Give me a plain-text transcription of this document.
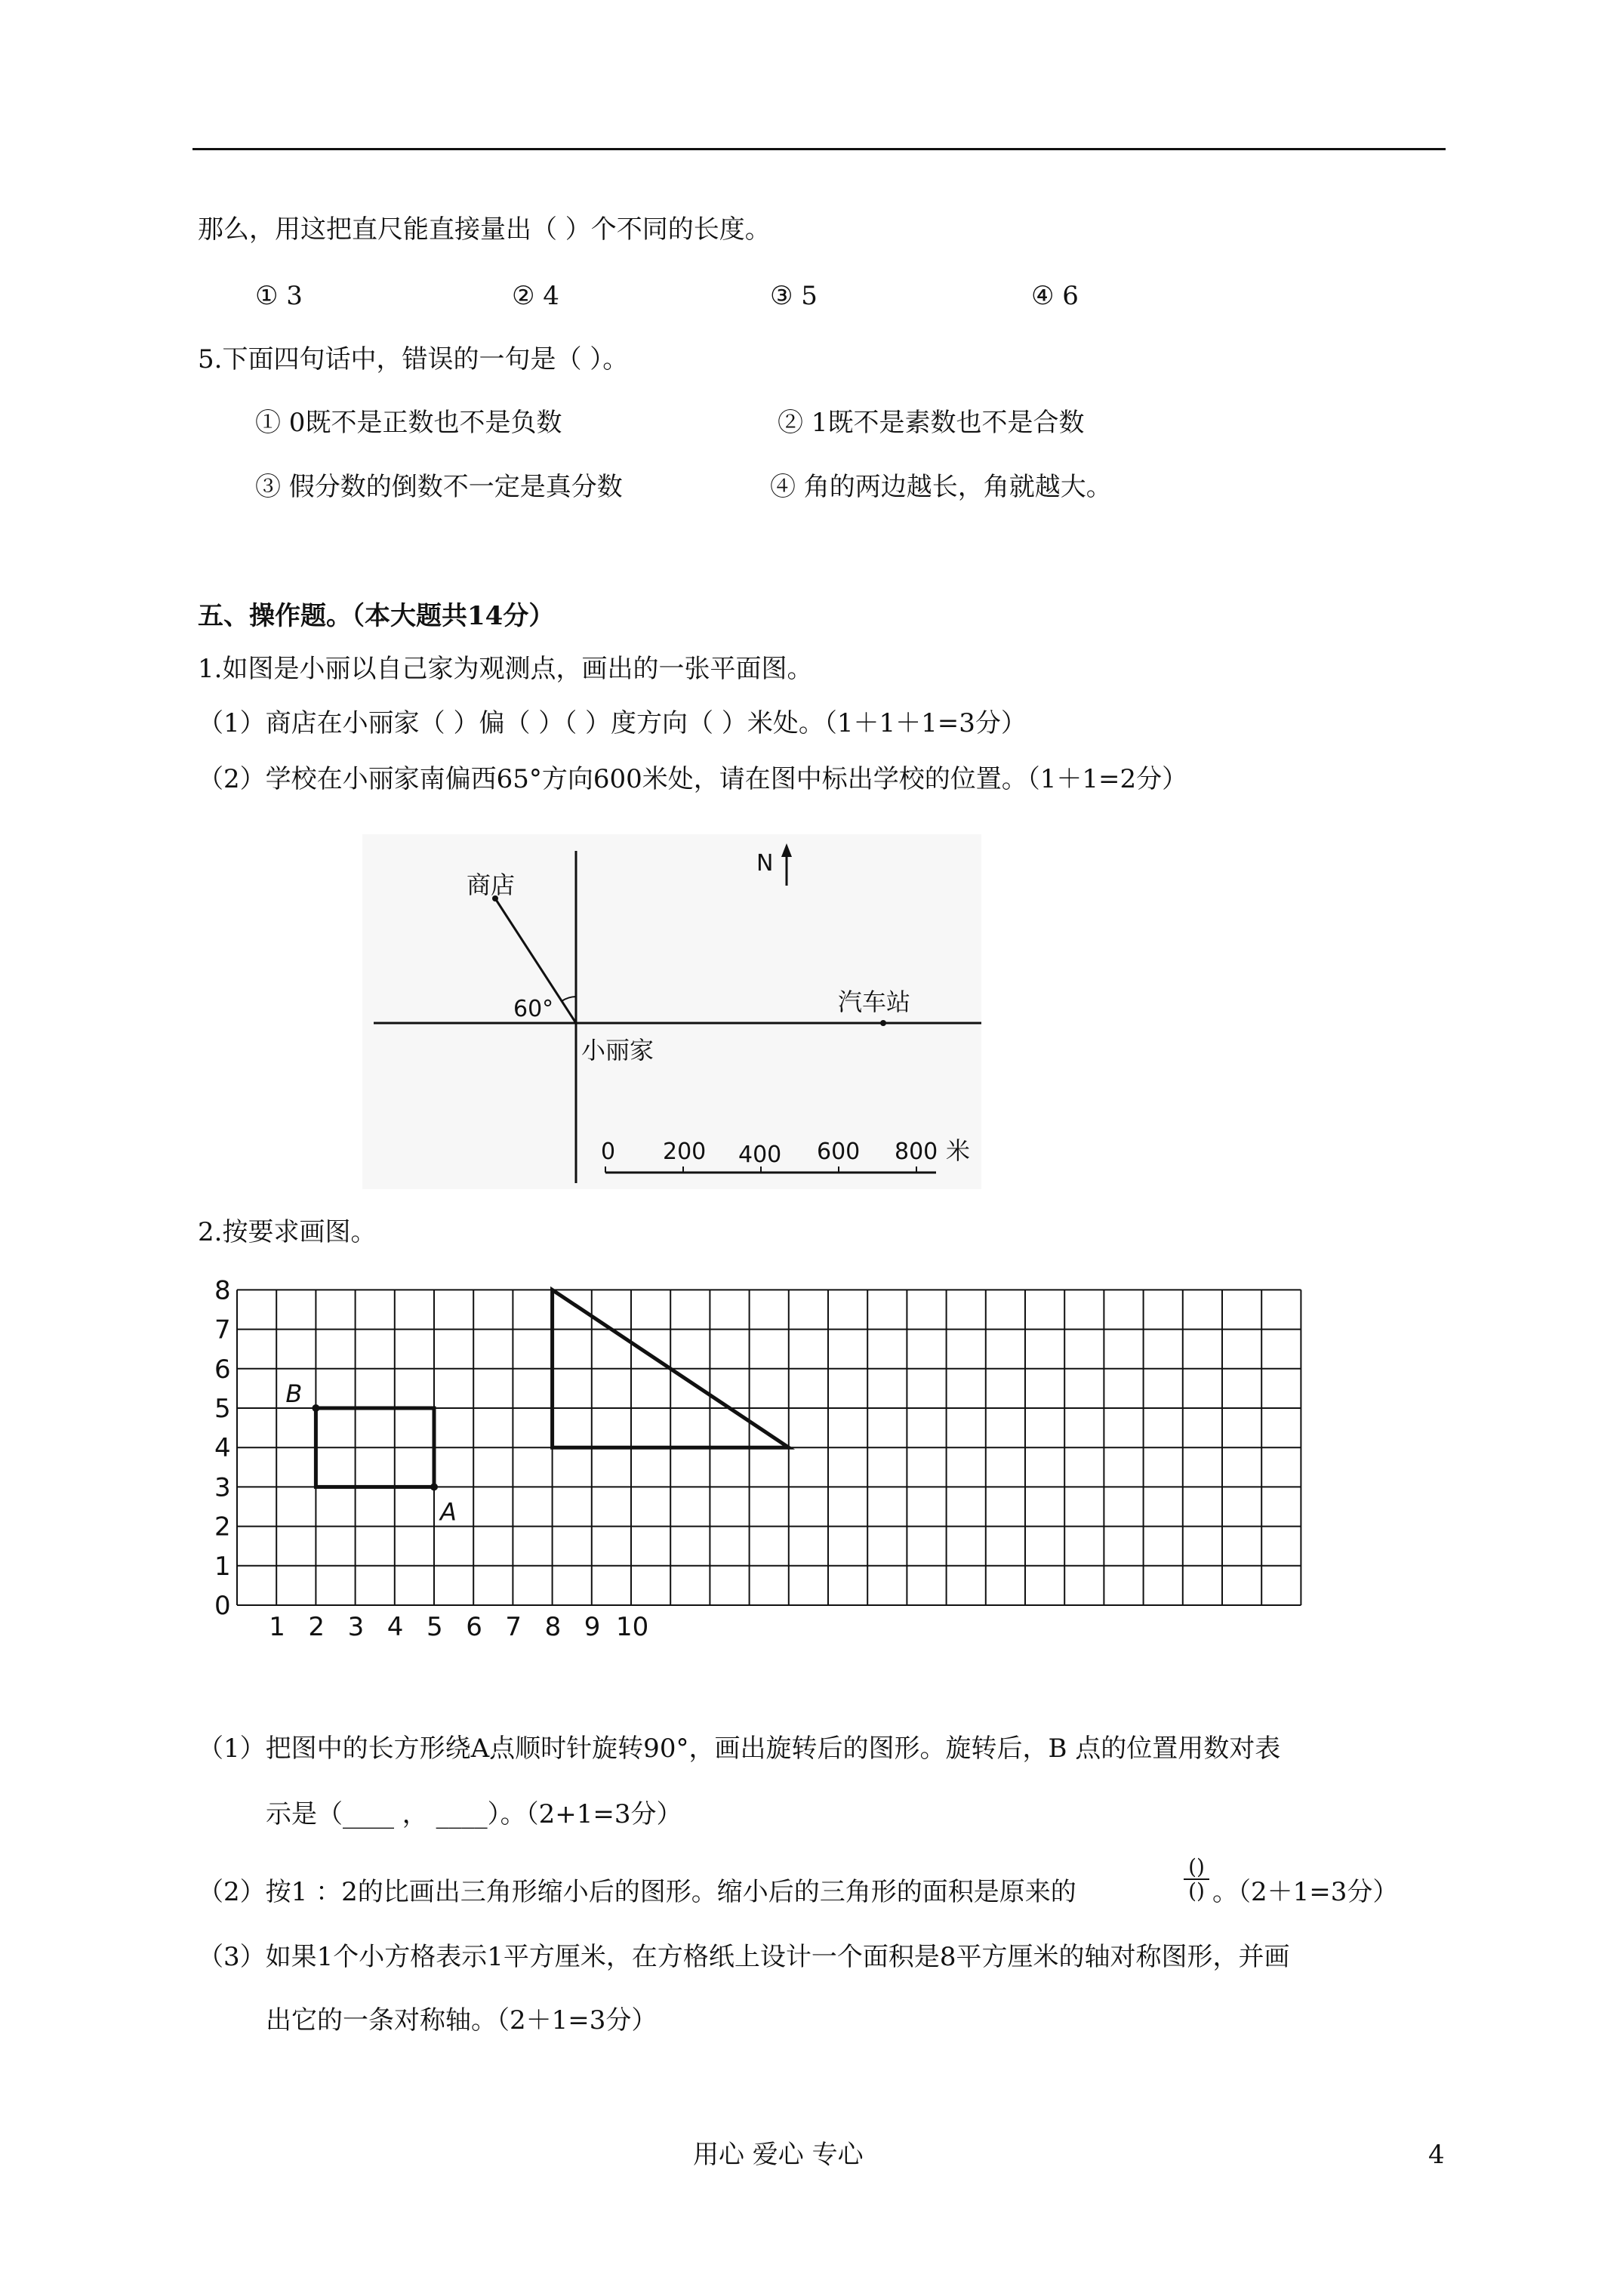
那么，用这把直尺能直接量出（ ）个不同的长度。
① 3	② 4	③ 5	④ 6
5.下面四句话中，错误的一句是（ ）。
① 0既不是正数也不是负数	② 1既不是素数也不是合数
③ 假分数的倒数不一定是真分数	④ 角的两边越长，角就越大。
五、操作题。（本大题共14分）
1.如图是小丽以自己家为观测点，画出的一张平面图。
（1）商店在小丽家（ ）偏（ ）（ ）度方向（ ）米处。（1＋1＋1=3分）
（2）学校在小丽家南偏西65°方向600米处，请在图中标出学校的位置。（1＋1=2分）
N
商店
汽车站
小丽家
60°
0 200 400 600 800 米
2.按要求画图。
8
7
6
5
4
3
2
1
0
1 2 3 4 5 6 7 8 9 10
B
A
（1）把图中的长方形绕A点顺时针旋转90°，画出旋转后的图形。旋转后，B 点的位置用数对表
示是（____ ， ____）。（2+1=3分）
（2）按1 ：2的比画出三角形缩小后的图形。缩小后的三角形的面积是原来的
()
() 。（2＋1=3分）
（3）如果1个小方格表示1平方厘米，在方格纸上设计一个面积是8平方厘米的轴对称图形，并画
出它的一条对称轴。（2＋1=3分）
用心 爱心 专心	4
